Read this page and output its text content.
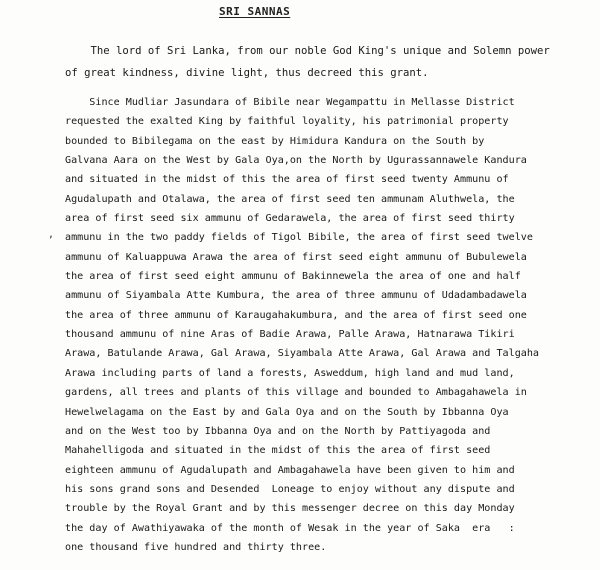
SRI SANNAS
The lord of Sri Lanka, from our noble God King's unique and Solemn power
of great kindness, divine light, thus decreed this grant.
,
Since Mudliar Jasundara of Bibile near Wegampattu in Mellasse District
requested the exalted King by faithful loyality, his patrimonial property
bounded to Bibilegama on the east by Himidura Kandura on the South by
Galvana Aara on the West by Gala Oya,on the North by Ugurassannawele Kandura
and situated in the midst of this the area of first seed twenty Ammunu of
Agudalupath and Otalawa, the area of first seed ten ammunam Aluthwela, the
area of first seed six ammunu of Gedarawela, the area of first seed thirty
ammunu in the two paddy fields of Tigol Bibile, the area of first seed twelve
ammunu of Kaluappuwa Arawa the area of first seed eight ammunu of Bubulewela
the area of first seed eight ammunu of Bakinnewela the area of one and half
ammunu of Siyambala Atte Kumbura, the area of three ammunu of Udadambadawela
the area of three ammunu of Karaugahakumbura, and the area of first seed one
thousand ammunu of nine Aras of Badie Arawa, Palle Arawa, Hatnarawa Tikiri
Arawa, Batulande Arawa, Gal Arawa, Siyambala Atte Arawa, Gal Arawa and Talgaha
Arawa including parts of land a forests, Asweddum, high land and mud land,
gardens, all trees and plants of this village and bounded to Ambagahawela in
Hewelwelagama on the East by and Gala Oya and on the South by Ibbanna Oya
and on the West too by Ibbanna Oya and on the North by Pattiyagoda and
Mahahelligoda and situated in the midst of this the area of first seed
eighteen ammunu of Agudalupath and Ambagahawela have been given to him and
his sons grand sons and Desended  Loneage to enjoy without any dispute and
trouble by the Royal Grant and by this messenger decree on this day Monday
the day of Awathiyawaka of the month of Wesak in the year of Saka  era   :
one thousand five hundred and thirty three.
